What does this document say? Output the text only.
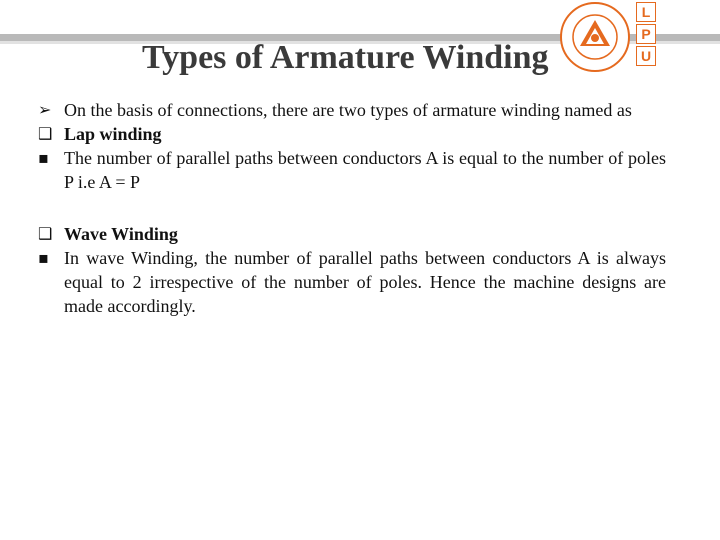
L
P
U
Types of Armature Winding
➢ On the basis of connections, there are two types of armature winding named as
❑ Lap winding
▪ The number of parallel paths between conductors A is equal to the number of poles P i.e A = P
❑ Wave Winding
▪ In wave Winding, the number of parallel paths between conductors A is always equal to 2 irrespective of the number of poles. Hence the machine designs are made accordingly.
